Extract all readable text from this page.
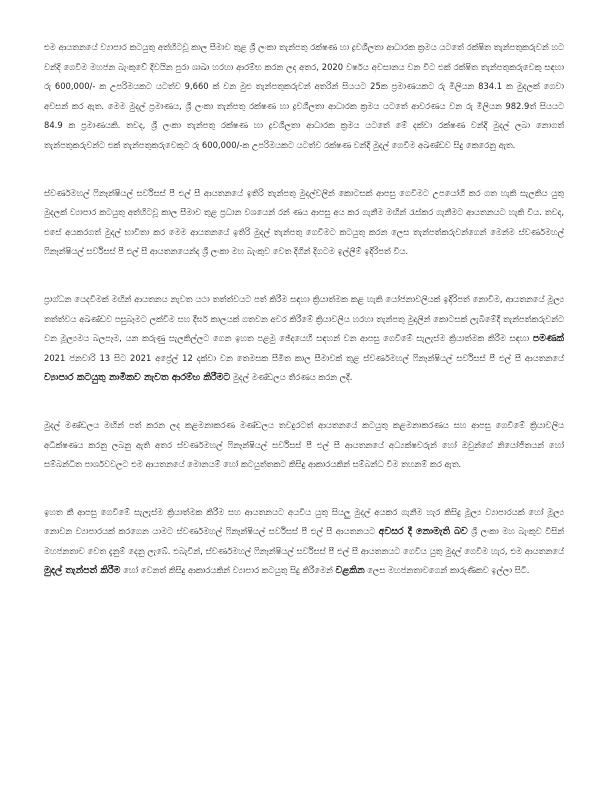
එම ආයතනයේ ව්‍යාපාර කටයුතු අත්හිටවූ කාල සීමාව තුළ ශ්‍රී ලංකා තැන්පතු රක්ෂණ හා ද්‍රවශීලතා ආධාරක ක්‍රමය යටතේ රක්ෂිත තැන්පතුකරුවන් හට වන්දි ගෙවීම මහජන බැංකුවේ දිවයින පුරා ශාඛා හරහා ආරම්භ කරන ලද අතර, 2020 වර්ෂය අවසානය වන විට එක් රක්ෂිත තැන්පතුකරුවෙකු සඳහා රු 600,000/- ක උපරිමයකට යටත්ව 9,660 ක් වන මුළු තැන්පතුකරුවන් අතරින් සියයට 25ක ප්‍රමාණයකට රු මිලියන 834.1 ක මුදලක් ගෙවා අවසන් කර ඇත. මෙම මුදල් ප්‍රමාණය, ශ්‍රී ලංකා තැන්පතු රක්ෂණ හා ද්‍රවශීලතා ආධාරක ක්‍රමය යටතේ ආවරණය වන රු මිලියන 982.9ත් සියයට 84.9 ක ප්‍රමාණයකි. තවද, ශ්‍රී ලංකා තැන්පතු රක්ෂණ හා ද්‍රවශීලතා ආධාරක ක්‍රමය යටතේ මේ දක්වා රක්ෂණ වන්දි මුදල් ලබා නොගත් තැන්පතුකරුවන්ට එක් තැන්පතුකරුවෙකුට රු 600,000/-ක උපරිමයකට යටත්ව රක්ෂණ වන්දි මුදල් ගෙවීම අඛණ්ඩව සිදු කෙරෙනු ඇත.

ස්වර්ණමහල් ෆිනෑන්ෂියල් සර්විසස් පී එල් සී ආයතනයේ ඉතිරි තැන්පතු මුදල්වලින් කොටසක් ආපසු ගෙවීමට උපයෝගී කර ගත හැකි සැලකිය යුතු මුදලක් ව්‍යාපාර කටයුතු අත්හිටවූ කාල සීමාව තුළ ප්‍රධාන වශයෙන් රන් ණය ආපසු අය කර ගැනීම මඟින් රැස්කර ගැනීමට ආයතනයට හැකි විය. තවද, එසේ අයකරගත් මුදල් භාවිතා කර මෙම ආයතනයේ ඉතිරි මුදල් තැන්පතු ගෙවීමට කටයුතු කරන ලෙස තැන්පත්කරුවන්ගෙන් මෙන්ම ස්වර්ණමහල් ෆිනෑන්ෂියල් සර්විසස් පී එල් සී ආයතනයෙන්ද ශ්‍රී ලංකා මහ බැංකුව වෙත දිගින් දිගටම ඉල්ලීම් ඉදිරිපත් විය.

ප්‍රාග්ධන යෙදවීමක් මඟින් ආයතනය නැවත යථා තත්ත්වයට පත් කිරීම සඳහා ක්‍රියාත්මක කළ හැකි යෝජනාවලියක් ඉදිරිපත් නොවීම, ආයතනයේ මූල්‍ය තත්ත්වය අඛණ්ඩව පසුබෑමට ලක්වීම සහ දීර්ඝ කාලයක් ගතවන අවර කිරීමේ ක්‍රියාවලිය හරහා තැන්පතු මුදලින් කොටසක් ලැබීමේදී තැන්පත්කරුවන්ට වන මූල්‍යමය බලපෑම, යන කරුණු සැලකිල්ලට ගෙන ඉහත පළමු ඡේදයෙහි සඳහන් වන ආපසු ගෙවීමේ සැලැස්ම ක්‍රියාත්මක කිරීම සඳහා පමණක් 2021 ජනවාරි 13 සිට 2021 අප්‍රේල් 12 දක්වා වන තෙමසක සීමිත කාල සීමාවක් තුළ ස්වර්ණමහල් ෆිනෑන්ෂියල් සර්විසස් පී එල් සී ආයතනයේ ව්‍යාපාර කටයුතු නාමිකව නැවත ආරම්භ කිරීමට මුදල් මණ්ඩලය තීරණය කරන ලදී.

මුදල් මණ්ඩලය මඟින් පත් කරන ලද කළමනාකරණ මණ්ඩලය තවදුරටත් ආයතනයේ කටයුතු කළමනාකරණය සහ ආපසු ගෙවීමේ ක්‍රියාවලිය අධීක්ෂණය කරනු ලබනු ඇති අතර ස්වර්ණමහල් ෆිනෑන්ෂියල් සර්විසස් පී එල් සී ආයතනයේ අධ්‍යක්ෂවරුන් හෝ ඔවුන්ගේ නියෝජිතයන් හෝ සම්බන්ධිත පාර්ශවවලට එම ආයතනයේ මොනයම් හෝ කටයුත්තකට කිසිදු ආකාරයකින් සම්බන්ධ වීම තහනම් කර ඇත.

ඉහත කී ආපසු ගෙවීමේ සැලැස්ම ක්‍රියාත්මක කිරීම සහ ආයතනයට අයවිය යුතු සියලු මුදල් අයකර ගැනීම හැර කිසිදු මූල්‍ය ව්‍යාපාරයක් හෝ මූල්‍ය නොවන ව්‍යාපාරයක් කරගෙන යාමට ස්වර්ණමහල් ෆිනෑන්ෂියල් සර්විසස් පී එල් සී ආයතනයට අවසර දී නොමැති බව ශ්‍රී ලංකා මහ බැංකුව විසින් මහජනතාව වෙත දැනුම් දෙනු ලැබේ. එබැවින්, ස්වර්ණමහල් ෆිනෑන්ෂියල් සර්විසස් පී එල් සී ආයතනයට ගෙවිය යුතු මුදල් ගෙවීම හැර, එම ආයතනයේ මුදල් තැන්පත් කිරීම හෝ වෙනත් කිසිදු ආකාරයකින් ව්‍යාපාර කටයුතු සිදු කිරීමෙන් වළකින ලෙස මහජනතාවගෙන් කාරුණිකව ඉල්ලා සිටී.
